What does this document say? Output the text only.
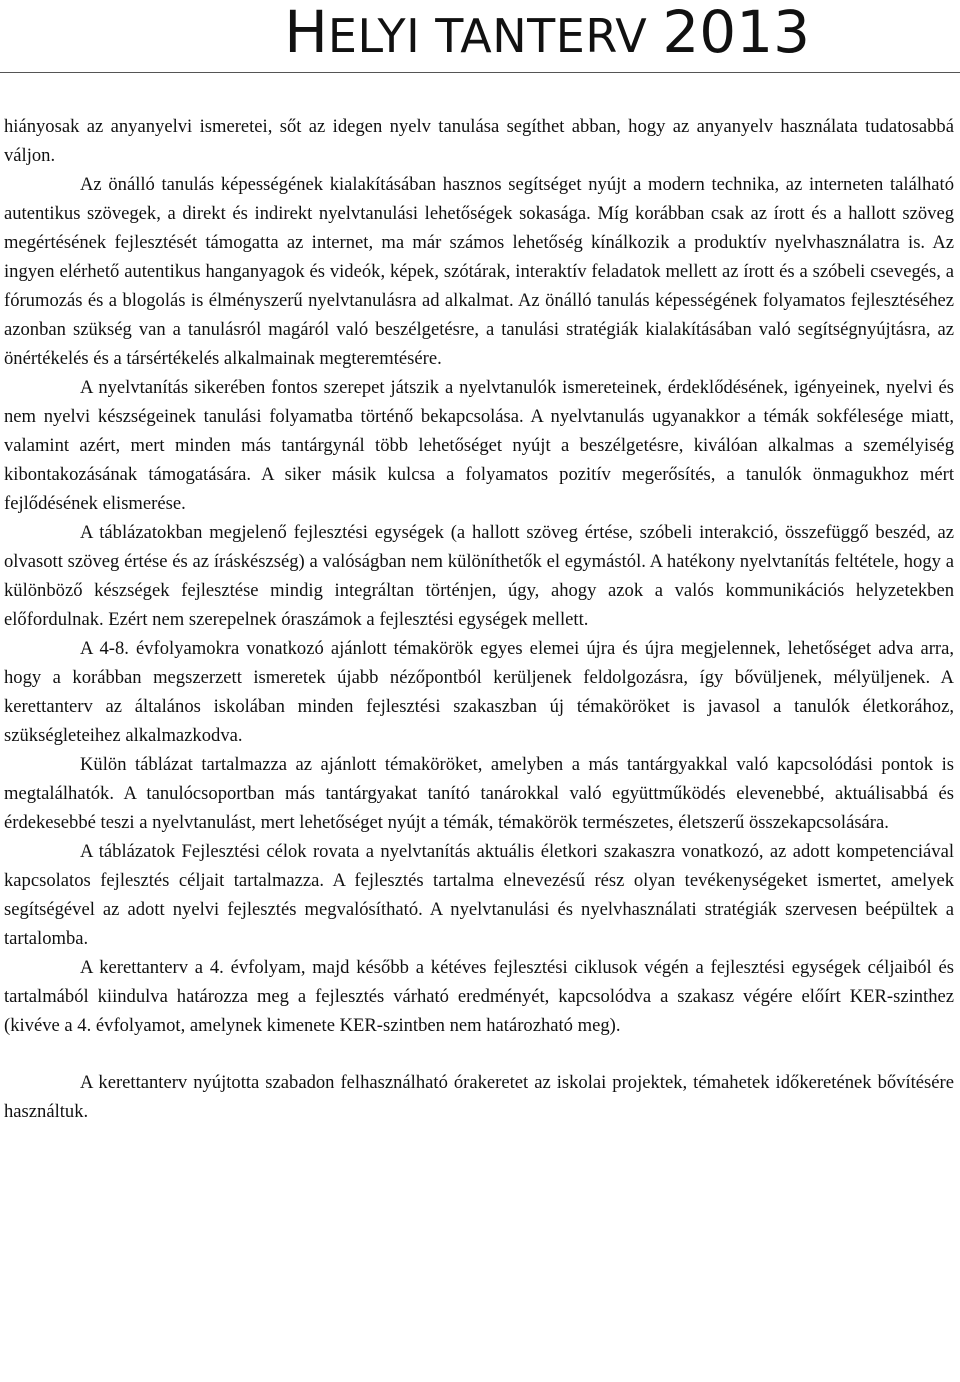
HELYI TANTERV 2013

hiányosak az anyanyelvi ismeretei, sőt az idegen nyelv tanulása segíthet abban, hogy az anyanyelv használata tudatosabbá váljon.

Az önálló tanulás képességének kialakításában hasznos segítséget nyújt a modern technika, az interneten található autentikus szövegek, a direkt és indirekt nyelvtanulási lehetőségek sokasága. Míg korábban csak az írott és a hallott szöveg megértésének fejlesztését támogatta az internet, ma már számos lehetőség kínálkozik a produktív nyelvhasználatra is. Az ingyen elérhető autentikus hanganyagok és videók, képek, szótárak, interaktív feladatok mellett az írott és a szóbeli csevegés, a fórumozás és a blogolás is élményszerű nyelvtanulásra ad alkalmat. Az önálló tanulás képességének folyamatos fejlesztéséhez azonban szükség van a tanulásról magáról való beszélgetésre, a tanulási stratégiák kialakításában való segítségnyújtásra, az önértékelés és a társértékelés alkalmainak megteremtésére.

A nyelvtanítás sikerében fontos szerepet játszik a nyelvtanulók ismereteinek, érdeklődésének, igényeinek, nyelvi és nem nyelvi készségeinek tanulási folyamatba történő bekapcsolása. A nyelvtanulás ugyanakkor a témák sokfélesége miatt, valamint azért, mert minden más tantárgynál több lehetőséget nyújt a beszélgetésre, kiválóan alkalmas a személyiség kibontakozásának támogatására. A siker másik kulcsa a folyamatos pozitív megerősítés, a tanulók önmagukhoz mért fejlődésének elismerése.

A táblázatokban megjelenő fejlesztési egységek (a hallott szöveg értése, szóbeli interakció, összefüggő beszéd, az olvasott szöveg értése és az íráskészség) a valóságban nem különíthetők el egymástól. A hatékony nyelvtanítás feltétele, hogy a különböző készségek fejlesztése mindig integráltan történjen, úgy, ahogy azok a valós kommunikációs helyzetekben előfordulnak. Ezért nem szerepelnek óraszámok a fejlesztési egységek mellett.

A 4-8. évfolyamokra vonatkozó ajánlott témakörök egyes elemei újra és újra megjelennek, lehetőséget adva arra, hogy a korábban megszerzett ismeretek újabb nézőpontból kerüljenek feldolgozásra, így bővüljenek, mélyüljenek. A kerettanterv az általános iskolában minden fejlesztési szakaszban új témaköröket is javasol a tanulók életkorához, szükségleteihez alkalmazkodva.

Külön táblázat tartalmazza az ajánlott témaköröket, amelyben a más tantárgyakkal való kapcsolódási pontok is megtalálhatók. A tanulócsoportban más tantárgyakat tanító tanárokkal való együttműködés elevenebbé, aktuálisabbá és érdekesebbé teszi a nyelvtanulást, mert lehetőséget nyújt a témák, témakörök természetes, életszerű összekapcsolására.

A táblázatok Fejlesztési célok rovata a nyelvtanítás aktuális életkori szakaszra vonatkozó, az adott kompetenciával kapcsolatos fejlesztés céljait tartalmazza. A fejlesztés tartalma elnevezésű rész olyan tevékenységeket ismertet, amelyek segítségével az adott nyelvi fejlesztés megvalósítható. A nyelvtanulási és nyelvhasználati stratégiák szervesen beépültek a tartalomba.

A kerettanterv a 4. évfolyam, majd később a kétéves fejlesztési ciklusok végén a fejlesztési egységek céljaiból és tartalmából kiindulva határozza meg a fejlesztés várható eredményét, kapcsolódva a szakasz végére előírt KER-szinthez (kivéve a 4. évfolyamot, amelynek kimenete KER-szintben nem határozható meg).

A kerettanterv nyújtotta szabadon felhasználható órakeretet az iskolai projektek, témahetek időkeretének bővítésére használtuk.
